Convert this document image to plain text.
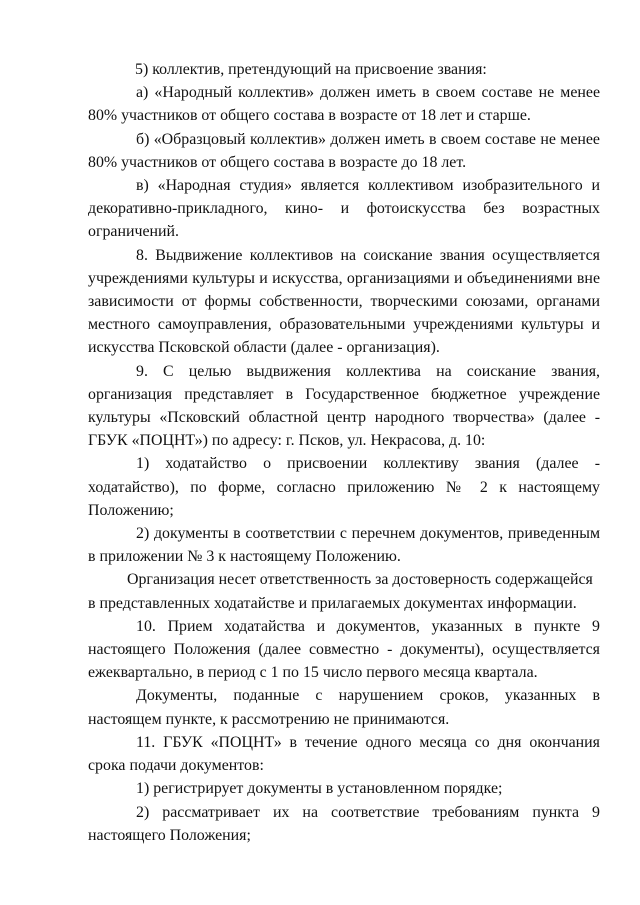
5) коллектив, претендующий на присвоение звания:

а) «Народный коллектив» должен иметь в своем составе не менее 80% участников от общего состава в возрасте от 18 лет и старше.

б) «Образцовый коллектив» должен иметь в своем составе не менее 80% участников от общего состава в возрасте до 18 лет.

в) «Народная студия» является коллективом изобразительного и декоративно-прикладного, кино- и фотоискусства без возрастных ограничений.

8. Выдвижение коллективов на соискание звания осуществляется учреждениями культуры и искусства, организациями и объединениями вне зависимости от формы собственности, творческими союзами, органами местного самоуправления, образовательными учреждениями культуры и искусства Псковской области (далее - организация).

9. С целью выдвижения коллектива на соискание звания, организация представляет в Государственное бюджетное учреждение культуры «Псковский областной центр народного творчества» (далее - ГБУК «ПОЦНТ») по адресу: г. Псков, ул. Некрасова, д. 10:

1) ходатайство о присвоении коллективу звания (далее - ходатайство), по форме, согласно приложению № 2 к настоящему Положению;

2) документы в соответствии с перечнем документов, приведенным в приложении № 3 к настоящему Положению.

Организация несет ответственность за достоверность содержащейся в представленных ходатайстве и прилагаемых документах информации.

10. Прием ходатайства и документов, указанных в пункте 9 настоящего Положения (далее совместно - документы), осуществляется ежеквартально, в период с 1 по 15 число первого месяца квартала.

Документы, поданные с нарушением сроков, указанных в настоящем пункте, к рассмотрению не принимаются.

11. ГБУК «ПОЦНТ» в течение одного месяца со дня окончания срока подачи документов:

1) регистрирует документы в установленном порядке;

2) рассматривает их на соответствие требованиям пункта 9 настоящего Положения;
